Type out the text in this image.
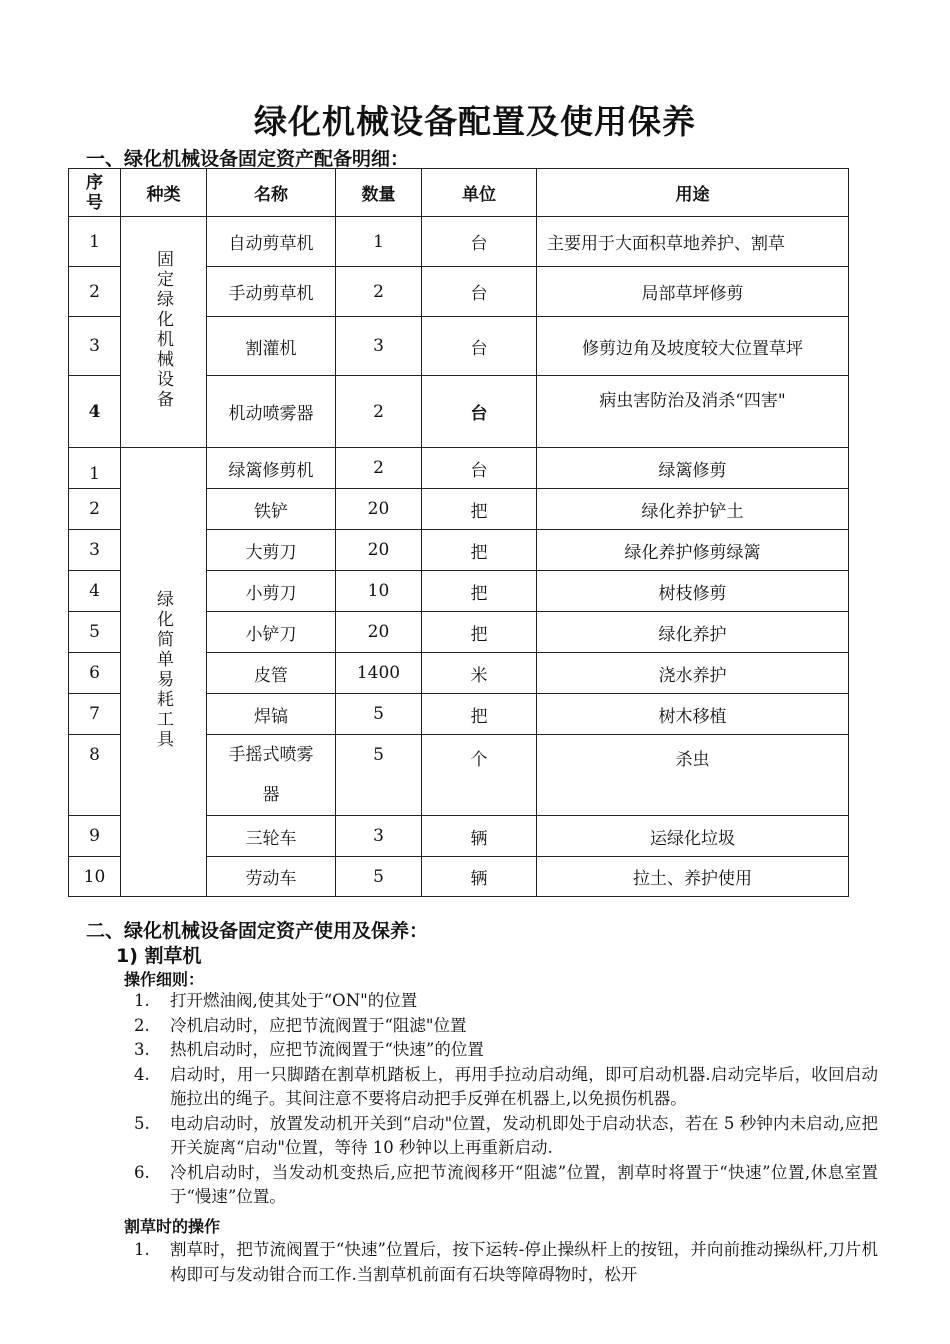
绿化机械设备配置及使用保养
一、绿化机械设备固定资产配备明细：
序号	种类	名称	数量	单位	用途
1	固定绿化机械设备	自动剪草机	1	台	主要用于大面积草地养护、割草
2		手动剪草机	2	台	局部草坪修剪
3		割灌机	3	台	修剪边角及坡度较大位置草坪
4		机动喷雾器	2	台	病虫害防治及消杀“四害"
1	绿化简单易耗工具	绿篱修剪机	2	台	绿篱修剪
2		铁铲	20	把	绿化养护铲土
3		大剪刀	20	把	绿化养护修剪绿篱
4		小剪刀	10	把	树枝修剪
5		小铲刀	20	把	绿化养护
6		皮管	1400	米	浇水养护
7		焊镐	5	把	树木移植
8		手摇式喷雾器	5	个	杀虫
9		三轮车	3	辆	运绿化垃圾
10		劳动车	5	辆	拉土、养护使用
二、绿化机械设备固定资产使用及保养：
1) 割草机
操作细则：
1. 打开燃油阀,使其处于“ON"的位置
2. 冷机启动时，应把节流阀置于“阻滤"位置
3. 热机启动时，应把节流阀置于“快速”的位置
4. 启动时，用一只脚踏在割草机踏板上，再用手拉动启动绳，即可启动机器.启动完毕后，收回启动施拉出的绳子。其间注意不要将启动把手反弹在机器上,以免损伤机器。
5. 电动启动时，放置发动机开关到“启动"位置，发动机即处于启动状态，若在 5 秒钟内未启动,应把开关旋离“启动"位置，等待 10 秒钟以上再重新启动.
6. 冷机启动时，当发动机变热后,应把节流阀移开“阻滤”位置，割草时将置于“快速”位置,休息室置于“慢速”位置。
割草时的操作
1. 割草时，把节流阀置于“快速”位置后，按下运转-停止操纵杆上的按钮，并向前推动操纵杆,刀片机构即可与发动钳合而工作.当割草机前面有石块等障碍物时，松开
